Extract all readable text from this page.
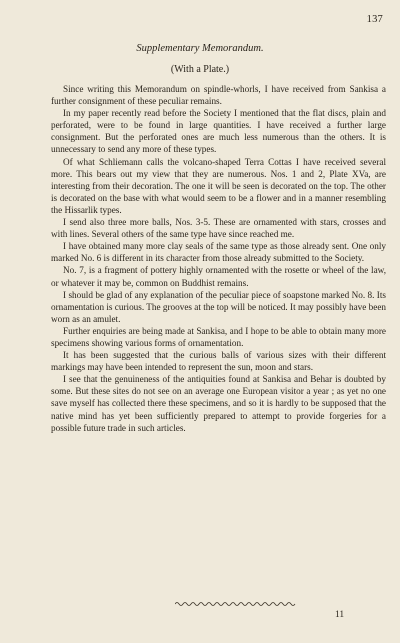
137

Supplementary Memorandum.

(With a Plate.)

Since writing this Memorandum on spindle-whorls, I have received from Sankisa a further consignment of these peculiar remains.

In my paper recently read before the Society I mentioned that the flat discs, plain and perforated, were to be found in large quantities. I have received a further large consignment. But the perforated ones are much less numerous than the others. It is unnecessary to send any more of these types.

Of what Schliemann calls the volcano-shaped Terra Cottas I have received several more. This bears out my view that they are numerous. Nos. 1 and 2, Plate XVa, are interesting from their decoration. The one it will be seen is decorated on the top. The other is decorated on the base with what would seem to be a flower and in a manner resembling the Hissarlik types.

I send also three more balls, Nos. 3-5. These are ornamented with stars, crosses and with lines. Several others of the same type have since reached me.

I have obtained many more clay seals of the same type as those already sent. One only marked No. 6 is different in its character from those already submitted to the Society.

No. 7, is a fragment of pottery highly ornamented with the rosette or wheel of the law, or whatever it may be, common on Buddhist remains.

I should be glad of any explanation of the peculiar piece of soapstone marked No. 8. Its ornamentation is curious. The grooves at the top will be noticed. It may possibly have been worn as an amulet.

Further enquiries are being made at Sankisa, and I hope to be able to obtain many more specimens showing various forms of ornamentation.

It has been suggested that the curious balls of various sizes with their different markings may have been intended to represent the sun, moon and stars.

I see that the genuineness of the antiquities found at Sankisa and Behar is doubted by some. But these sites do not see on an average one European visitor a year ; as yet no one save myself has collected there these specimens, and so it is hardly to be supposed that the native mind has yet been sufficiently prepared to attempt to provide forgeries for a possible future trade in such articles.

11
